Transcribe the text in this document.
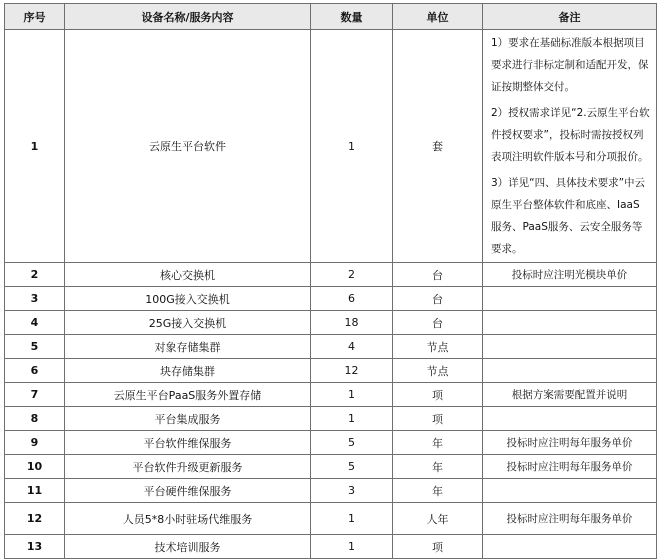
序号	设备名称/服务内容	数量	单位	备注
1	云原生平台软件	1	套	1）要求在基础标准版本根据项目要求进行非标定制和适配开发，保证按期整体交付。

2）授权需求详见“2.云原生平台软件授权要求”，投标时需按授权列表项注明软件版本号和分项报价。

3）详见“四、具体技术要求”中云原生平台整体软件和底座、IaaS服务、PaaS服务、云安全服务等要求。

2	核心交换机	2	台	投标时应注明光模块单价
3	100G接入交换机	6	台	
4	25G接入交换机	18	台	
5	对象存储集群	4	节点	
6	块存储集群	12	节点	
7	云原生平台PaaS服务外置存储	1	项	根据方案需要配置并说明
8	平台集成服务	1	项	
9	平台软件维保服务	5	年	投标时应注明每年服务单价
10	平台软件升级更新服务	5	年	投标时应注明每年服务单价
11	平台硬件维保服务	3	年	
12	人员5*8小时驻场代维服务	1	人年	投标时应注明每年服务单价
13	技术培训服务	1	项	
